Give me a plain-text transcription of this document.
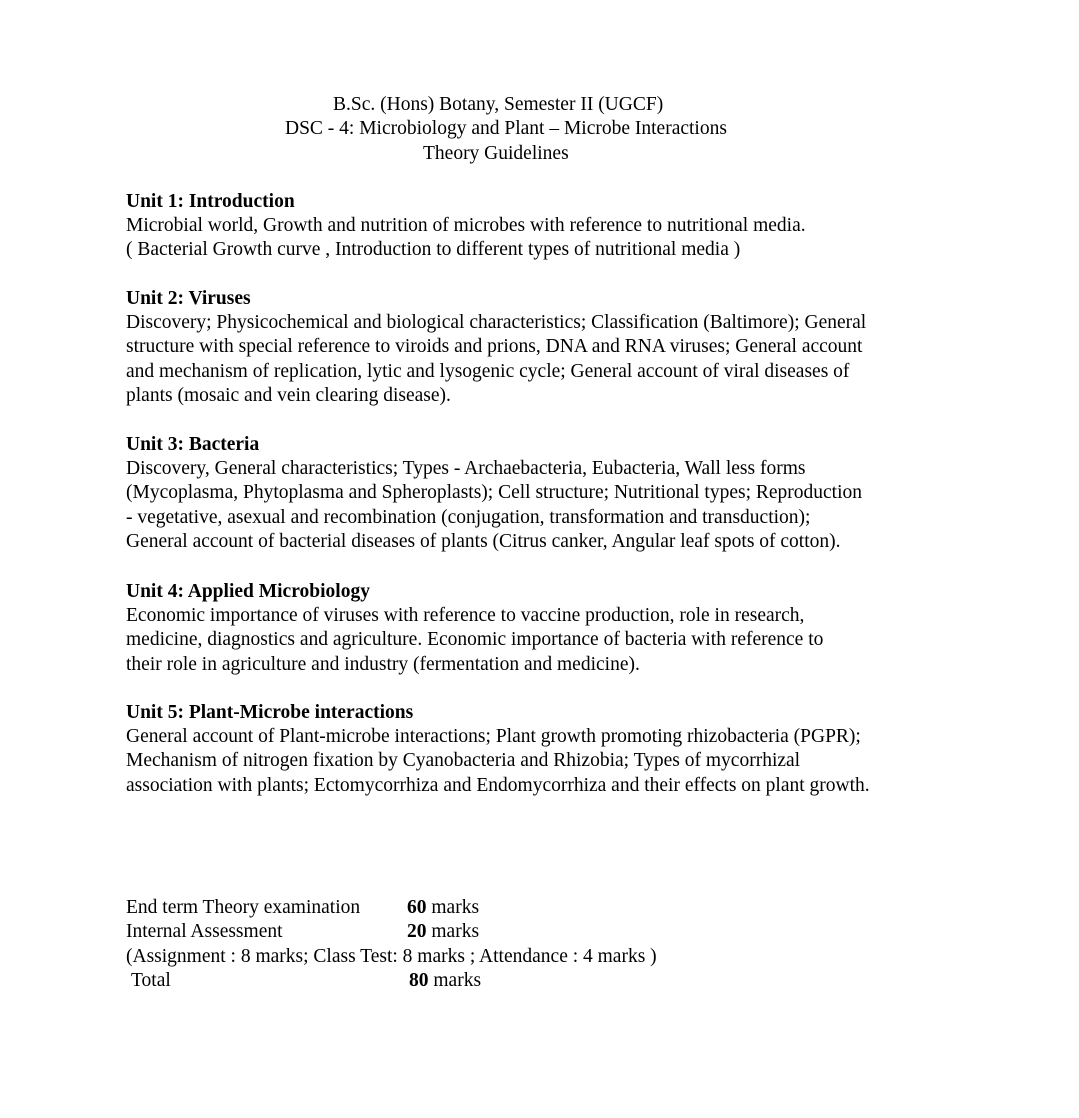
B.Sc. (Hons) Botany, Semester II (UGCF)
DSC - 4: Microbiology and Plant – Microbe Interactions
Theory Guidelines
Unit 1: Introduction
Microbial world, Growth and nutrition of microbes with reference to nutritional media.
( Bacterial Growth curve , Introduction to different types of nutritional media )
Unit 2: Viruses
Discovery; Physicochemical and biological characteristics; Classification (Baltimore); General
structure with special reference to viroids and prions, DNA and RNA viruses; General account
and mechanism of replication, lytic and lysogenic cycle; General account of viral diseases of
plants (mosaic and vein clearing disease).
Unit 3: Bacteria
Discovery, General characteristics; Types - Archaebacteria, Eubacteria, Wall less forms
(Mycoplasma, Phytoplasma and Spheroplasts); Cell structure; Nutritional types; Reproduction
- vegetative, asexual and recombination (conjugation, transformation and transduction);
General account of bacterial diseases of plants (Citrus canker, Angular leaf spots of cotton).
Unit 4: Applied Microbiology
Economic importance of viruses with reference to vaccine production, role in research,
medicine, diagnostics and agriculture. Economic importance of bacteria with reference to
their role in agriculture and industry (fermentation and medicine).
Unit 5: Plant-Microbe interactions
General account of Plant-microbe interactions; Plant growth promoting rhizobacteria (PGPR);
Mechanism of nitrogen fixation by Cyanobacteria and Rhizobia; Types of mycorrhizal
association with plants; Ectomycorrhiza and Endomycorrhiza and their effects on plant growth.
End term Theory examination 60 marks
Internal Assessment	20 marks
(Assignment : 8 marks; Class Test: 8 marks ; Attendance : 4 marks )
Total	80 marks
